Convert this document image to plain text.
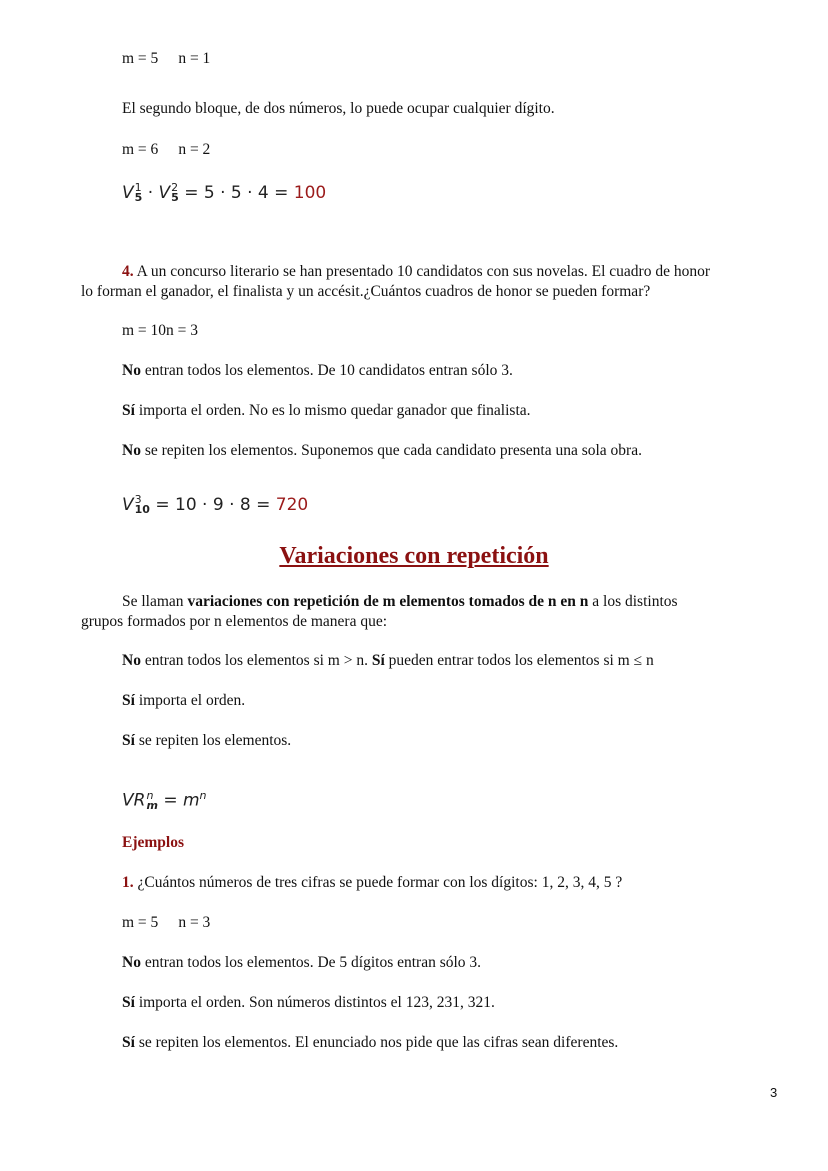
m = 5 n = 1
El segundo bloque, de dos números, lo puede ocupar cualquier dígito.
m = 6 n = 2
V 1
5 · V 2
5 = 5 · 5 · 4 = 100
4. A un concurso literario se han presentado 10 candidatos con sus novelas. El cuadro de honor
lo forman el ganador, el finalista y un accésit.¿Cuántos cuadros de honor se pueden formar?
m = 10n = 3
No entran todos los elementos. De 10 candidatos entran sólo 3.
Sí importa el orden. No es lo mismo quedar ganador que finalista.
No se repiten los elementos. Suponemos que cada candidato presenta una sola obra.
V 3
10 = 10 · 9 · 8 = 720
Variaciones con repetición
Se llaman variaciones con repetición de m elementos tomados de n en n a los distintos
grupos formados por n elementos de manera que:
No entran todos los elementos si m > n. Sí pueden entrar todos los elementos si m ≤ n
Sí importa el orden.
Sí se repiten los elementos.
VR n
$m = m^n$
Ejemplos
1. ¿Cuántos números de tres cifras se puede formar con los dígitos: 1, 2, 3, 4, 5 ?
m = 5 n = 3
No entran todos los elementos. De 5 dígitos entran sólo 3.
Sí importa el orden. Son números distintos el 123, 231, 321.
Sí se repiten los elementos. El enunciado nos pide que las cifras sean diferentes.
3
